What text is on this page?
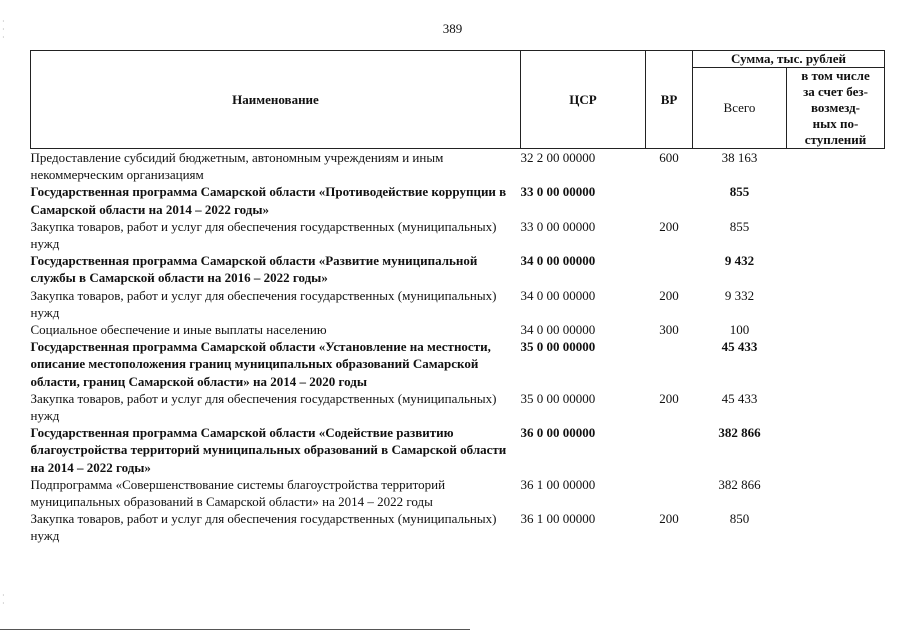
389
Наименование	ЦСР	ВР	Сумма, тыс. рублей	
			Всего	в том числе
за счет без-
возмезд-
ных по-
ступлений

Предоставление субсидий бюджетным, автономным учреждениям и иным некоммерческим организациям	32 2 00 00000	600	38 163	
Государственная программа Самарской области «Противодействие коррупции в Самарской области на 2014 – 2022 годы»	33 0 00 00000		855	
Закупка товаров, работ и услуг для обеспечения государственных (муниципальных) нужд	33 0 00 00000	200	855	
Государственная программа Самарской области «Развитие муниципальной службы в Самарской области на 2016 – 2022 годы»	34 0 00 00000		9 432	
Закупка товаров, работ и услуг для обеспечения государственных (муниципальных) нужд	34 0 00 00000	200	9 332	
Социальное обеспечение и иные выплаты населению	34 0 00 00000	300	100	
Государственная программа Самарской области «Установление на местности, описание местоположения границ муниципальных образований Самарской области, границ Самарской области» на 2014 – 2020 годы	35 0 00 00000		45 433	
Закупка товаров, работ и услуг для обеспечения государственных (муниципальных) нужд	35 0 00 00000	200	45 433	
Государственная программа Самарской области «Содействие развитию благоустройства территорий муниципальных образований в Самарской области на 2014 – 2022 годы»	36 0 00 00000		382 866	
Подпрограмма «Совершенствование системы благоустройства территорий муниципальных образований в Самарской области» на 2014 – 2022 годы	36 1 00 00000		382 866	
Закупка товаров, работ и услуг для обеспечения государственных (муниципальных) нужд	36 1 00 00000	200	850	
·
·
·
·
·
